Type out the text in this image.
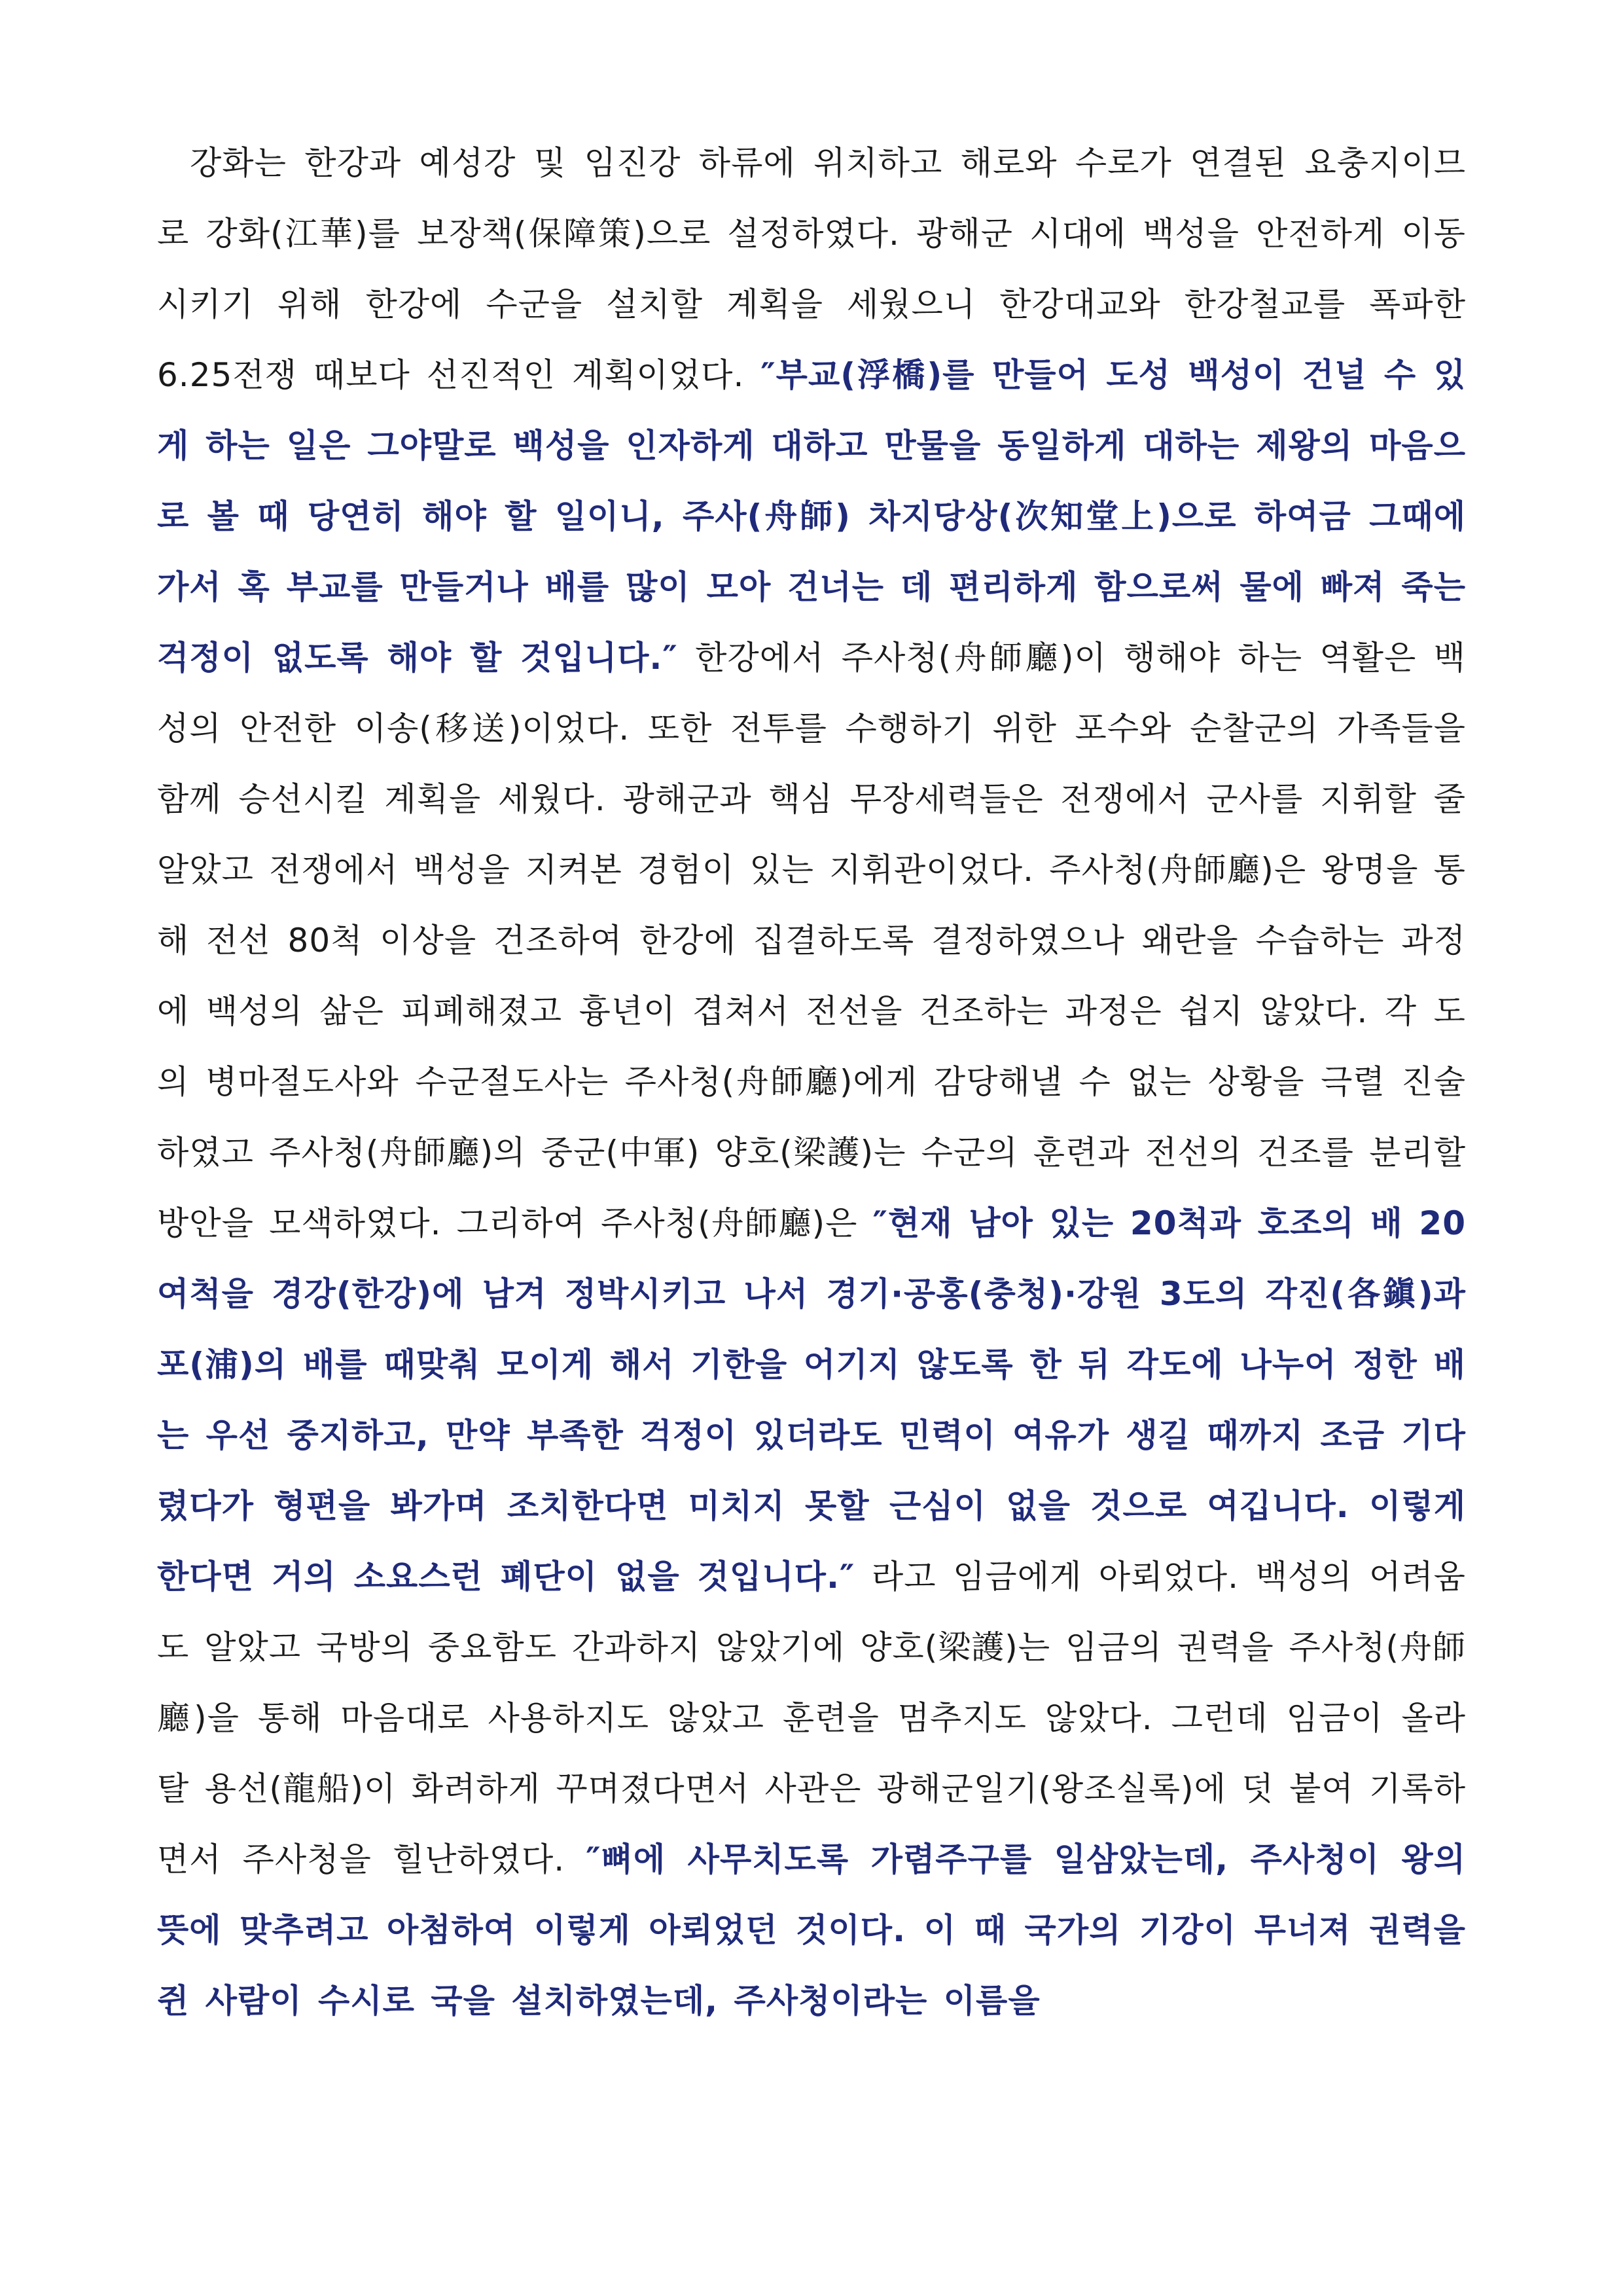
강화는 한강과 예성강 및 임진강 하류에 위치하고 해로와 수로가 연결된 요충지이므로 강화(江華)를 보장책(保障策)으로 설정하였다. 광해군 시대에 백성을 안전하게 이동시키기 위해 한강에 수군을 설치할 계획을 세웠으니 한강대교와 한강철교를 폭파한 6.25전쟁 때보다 선진적인 계획이었다. ″부교(浮橋)를 만들어 도성 백성이 건널 수 있게 하는 일은 그야말로 백성을 인자하게 대하고 만물을 동일하게 대하는 제왕의 마음으로 볼 때 당연히 해야 할 일이니, 주사(舟師) 차지당상(次知堂上)으로 하여금 그때에 가서 혹 부교를 만들거나 배를 많이 모아 건너는 데 편리하게 함으로써 물에 빠져 죽는 걱정이 없도록 해야 할 것입니다.″ 한강에서 주사청(舟師廳)이 행해야 하는 역활은 백성의 안전한 이송(移送)이었다. 또한 전투를 수행하기 위한 포수와 순찰군의 가족들을 함께 승선시킬 계획을 세웠다. 광해군과 핵심 무장세력들은 전쟁에서 군사를 지휘할 줄 알았고 전쟁에서 백성을 지켜본 경험이 있는 지휘관이었다. 주사청(舟師廳)은 왕명을 통해 전선 80척 이상을 건조하여 한강에 집결하도록 결정하였으나 왜란을 수습하는 과정에 백성의 삶은 피폐해졌고 흉년이 겹쳐서 전선을 건조하는 과정은 쉽지 않았다. 각 도의 병마절도사와 수군절도사는 주사청(舟師廳)에게 감당해낼 수 없는 상황을 극렬 진술하였고 주사청(舟師廳)의 중군(中軍) 양호(梁護)는 수군의 훈련과 전선의 건조를 분리할 방안을 모색하였다. 그리하여 주사청(舟師廳)은 ″현재 남아 있는 20척과 호조의 배 20여척을 경강(한강)에 남겨 정박시키고 나서 경기·공홍(충청)·강원 3도의 각진(各鎭)과 포(浦)의 배를 때맞춰 모이게 해서 기한을 어기지 않도록 한 뒤 각도에 나누어 정한 배는 우선 중지하고, 만약 부족한 걱정이 있더라도 민력이 여유가 생길 때까지 조금 기다렸다가 형편을 봐가며 조치한다면 미치지 못할 근심이 없을 것으로 여깁니다. 이렇게 한다면 거의 소요스런 폐단이 없을 것입니다.″ 라고 임금에게 아뢰었다. 백성의 어려움도 알았고 국방의 중요함도 간과하지 않았기에 양호(梁護)는 임금의 권력을 주사청(舟師廳)을 통해 마음대로 사용하지도 않았고 훈련을 멈추지도 않았다. 그런데 임금이 올라 탈 용선(龍船)이 화려하게 꾸며졌다면서 사관은 광해군일기(왕조실록)에 덧 붙여 기록하면서 주사청을 힐난하였다. ″뼈에 사무치도록 가렴주구를 일삼았는데, 주사청이 왕의 뜻에 맞추려고 아첨하여 이렇게 아뢰었던 것이다. 이 때 국가의 기강이 무너져 권력을 쥔 사람이 수시로 국을 설치하였는데, 주사청이라는 이름을
